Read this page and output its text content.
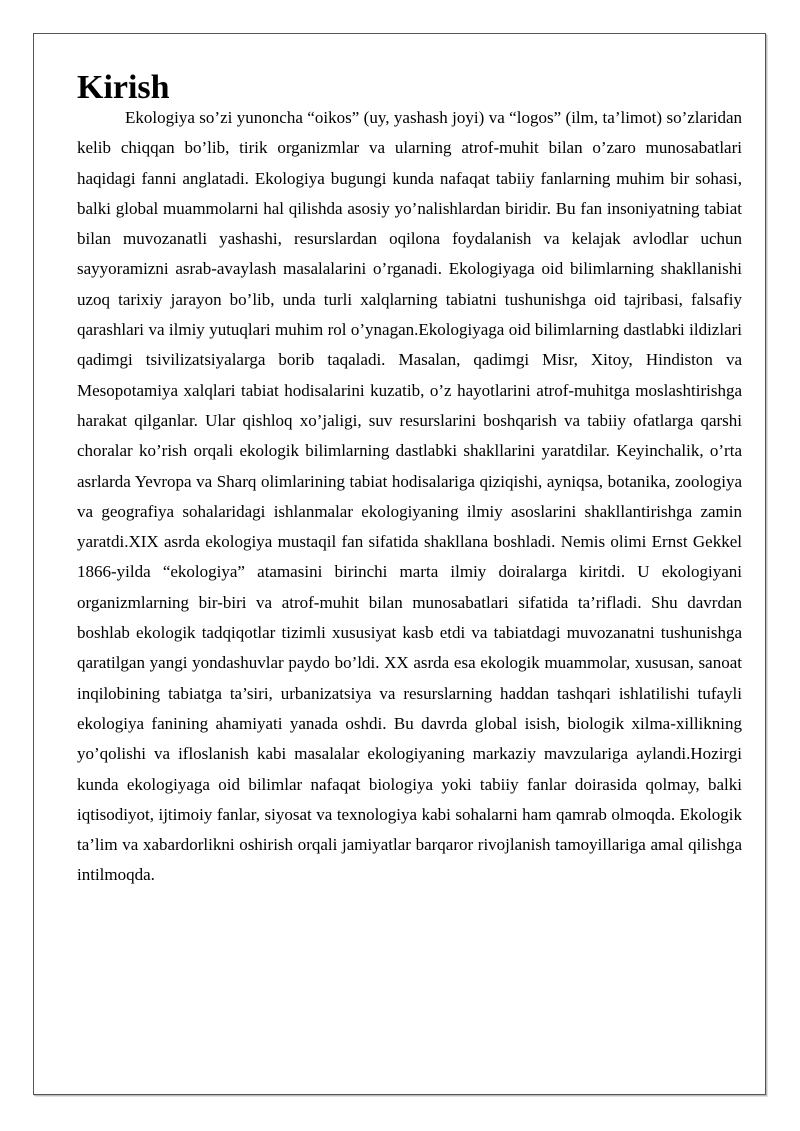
Kirish

Ekologiya so’zi yunoncha “oikos” (uy, yashash joyi) va “logos” (ilm, ta’limot) so’zlaridan kelib chiqqan bo’lib, tirik organizmlar va ularning atrof-muhit bilan o’zaro munosabatlari haqidagi fanni anglatadi. Ekologiya bugungi kunda nafaqat tabiiy fanlarning muhim bir sohasi, balki global muammolarni hal qilishda asosiy yo’nalishlardan biridir. Bu fan insoniyatning tabiat bilan muvozanatli yashashi, resurslardan oqilona foydalanish va kelajak avlodlar uchun sayyoramizni asrab-avaylash masalalarini o’rganadi. Ekologiyaga oid bilimlarning shakllanishi uzoq tarixiy jarayon bo’lib, unda turli xalqlarning tabiatni tushunishga oid tajribasi, falsafiy qarashlari va ilmiy yutuqlari muhim rol o’ynagan.Ekologiyaga oid bilimlarning dastlabki ildizlari qadimgi tsivilizatsiyalarga borib taqaladi. Masalan, qadimgi Misr, Xitoy, Hindiston va Mesopotamiya xalqlari tabiat hodisalarini kuzatib, o’z hayotlarini atrof-muhitga moslashtirishga harakat qilganlar. Ular qishloq xo’jaligi, suv resurslarini boshqarish va tabiiy ofatlarga qarshi choralar ko’rish orqali ekologik bilimlarning dastlabki shakllarini yaratdilar. Keyinchalik, o’rta asrlarda Yevropa va Sharq olimlarining tabiat hodisalariga qiziqishi, ayniqsa, botanika, zoologiya va geografiya sohalaridagi ishlanmalar ekologiyaning ilmiy asoslarini shakllantirishga zamin yaratdi.XIX asrda ekologiya mustaqil fan sifatida shakllana boshladi. Nemis olimi Ernst Gekkel 1866-yilda “ekologiya” atamasini birinchi marta ilmiy doiralarga kiritdi. U ekologiyani organizmlarning bir-biri va atrof-muhit bilan munosabatlari sifatida ta’rifladi. Shu davrdan boshlab ekologik tadqiqotlar tizimli xususiyat kasb etdi va tabiatdagi muvozanatni tushunishga qaratilgan yangi yondashuvlar paydo bo’ldi. XX asrda esa ekologik muammolar, xususan, sanoat inqilobining tabiatga ta’siri, urbanizatsiya va resurslarning haddan tashqari ishlatilishi tufayli ekologiya fanining ahamiyati yanada oshdi. Bu davrda global isish, biologik xilma-xillikning yo’qolishi va ifloslanish kabi masalalar ekologiyaning markaziy mavzulariga aylandi.Hozirgi kunda ekologiyaga oid bilimlar nafaqat biologiya yoki tabiiy fanlar doirasida qolmay, balki iqtisodiyot, ijtimoiy fanlar, siyosat va texnologiya kabi sohalarni ham qamrab olmoqda. Ekologik ta’lim va xabardorlikni oshirish orqali jamiyatlar barqaror rivojlanish tamoyillariga amal qilishga intilmoqda.
